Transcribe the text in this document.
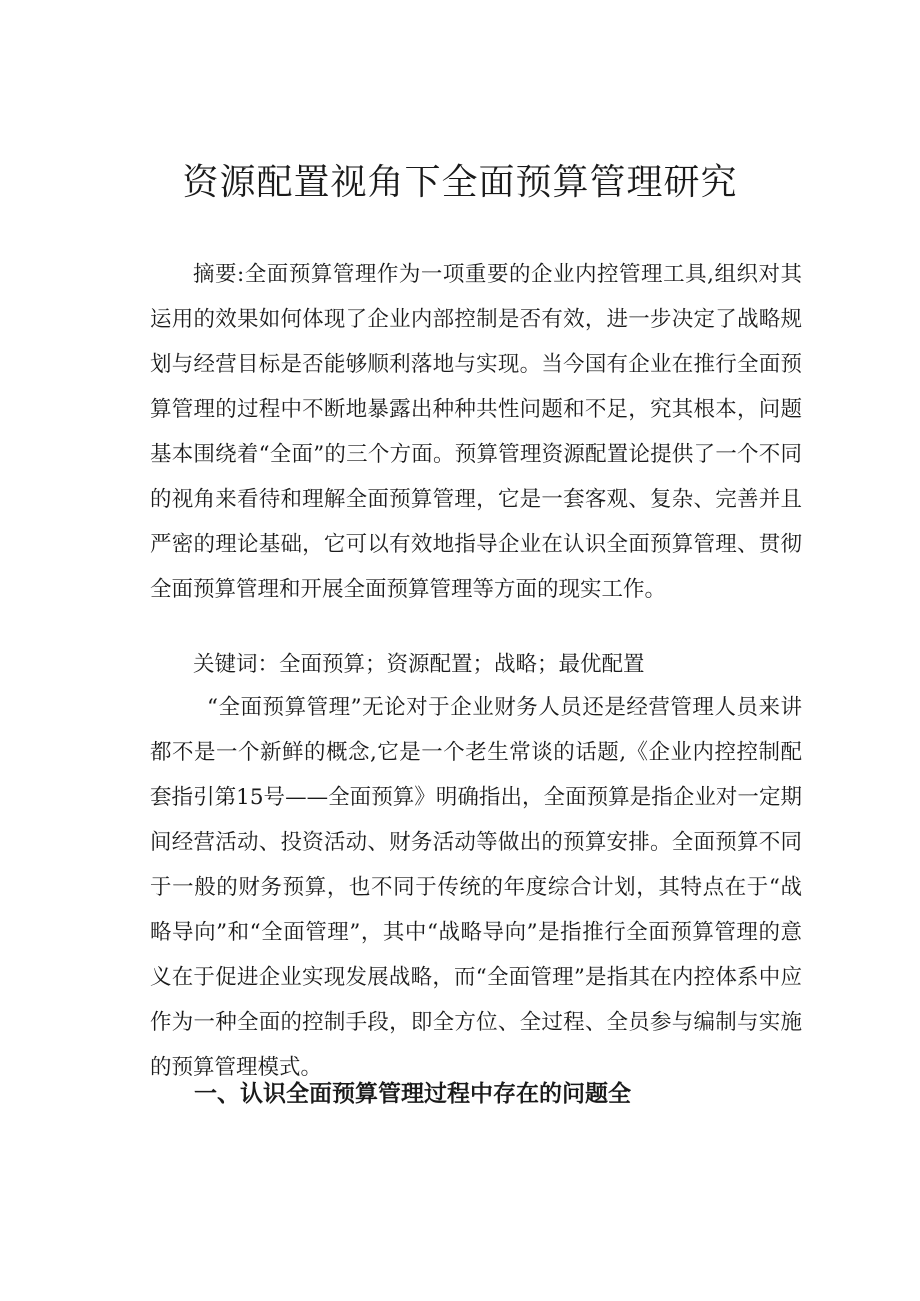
资源配置视角下全面预算管理研究

摘要:全面预算管理作为一项重要的企业内控管理工具,组织对其运用的效果如何体现了企业内部控制是否有效，进一步决定了战略规划与经营目标是否能够顺利落地与实现。当今国有企业在推行全面预算管理的过程中不断地暴露出种种共性问题和不足，究其根本，问题基本围绕着“全面”的三个方面。预算管理资源配置论提供了一个不同的视角来看待和理解全面预算管理，它是一套客观、复杂、完善并且严密的理论基础，它可以有效地指导企业在认识全面预算管理、贯彻全面预算管理和开展全面预算管理等方面的现实工作。

关键词：全面预算；资源配置；战略；最优配置

“全面预算管理”无论对于企业财务人员还是经营管理人员来讲都不是一个新鲜的概念,它是一个老生常谈的话题,《企业内控控制配套指引第15号——全面预算》明确指出，全面预算是指企业对一定期间经营活动、投资活动、财务活动等做出的预算安排。全面预算不同于一般的财务预算，也不同于传统的年度综合计划，其特点在于“战略导向”和“全面管理”，其中“战略导向”是指推行全面预算管理的意义在于促进企业实现发展战略，而“全面管理”是指其在内控体系中应作为一种全面的控制手段，即全方位、全过程、全员参与编制与实施的预算管理模式。

一、认识全面预算管理过程中存在的问题全
